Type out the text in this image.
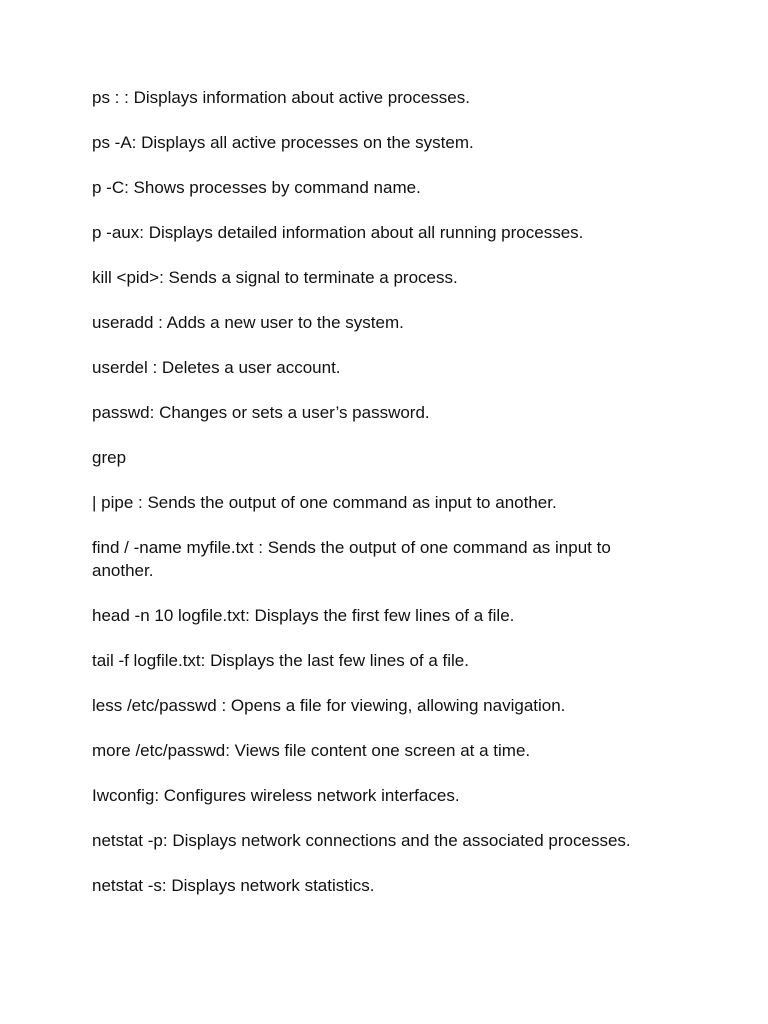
ps : : Displays information about active processes.

ps -A: Displays all active processes on the system.

p -C: Shows processes by command name.

p -aux: Displays detailed information about all running processes.

kill <pid>: Sends a signal to terminate a process.

useradd : Adds a new user to the system.

userdel : Deletes a user account.

passwd: Changes or sets a user’s password.

grep

| pipe : Sends the output of one command as input to another.

find / -name myfile.txt : Sends the output of one command as input to another.

head -n 10 logfile.txt: Displays the first few lines of a file.

tail -f logfile.txt: Displays the last few lines of a file.

less /etc/passwd : Opens a file for viewing, allowing navigation.

more /etc/passwd: Views file content one screen at a time.

Iwconfig: Configures wireless network interfaces.

netstat -p: Displays network connections and the associated processes.

netstat -s: Displays network statistics.
